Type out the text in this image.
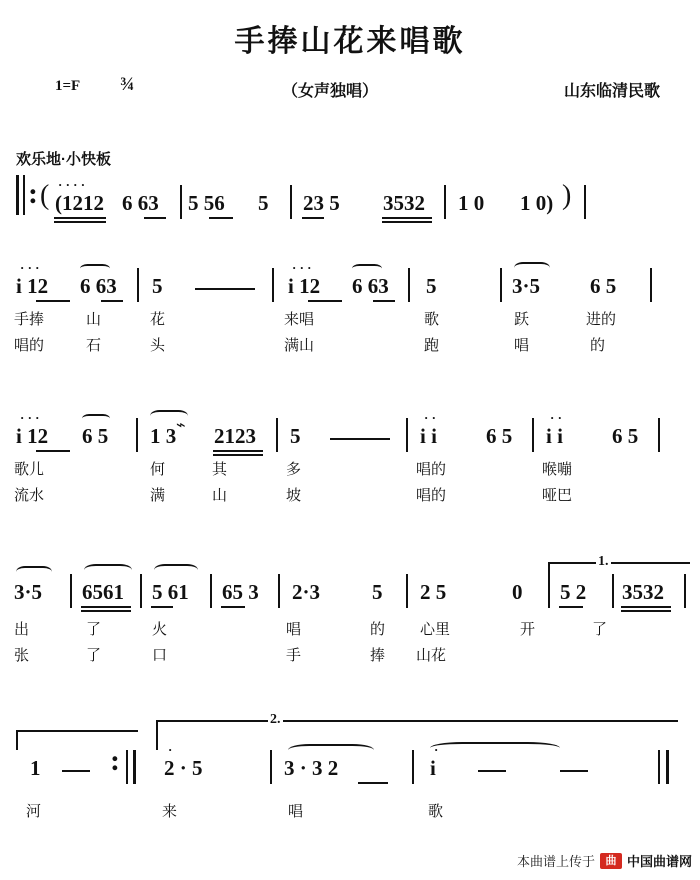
手捧山花来唱歌
1=F ¾	（女声独唱）	山东临清民歌
欢乐地·小快板
: ( · · · ·
(1212 6 63 5 56 5 23 5 3532 1 0 1 0) )
· · ·
i 12 6 63 5
· · ·
i 12 6 63 5	3·5 6 5
手捧	山	花	来唱	歌	跃	进的
唱的	石	头	满山	跑	唱	的
· · ·
i 12 6 5 1 3 ⌁ 2123 5
· ·
i i 6 5
· ·
i i 6 5
歌儿	何	其	多	唱的	喉嘣
流水	满	山	坡	唱的	哑巴
3·5 6561 5 61 65 3 2·3 5 2 5	0
1.
5 2 3532
出	了	火	唱	的 心里	开	了
张	了	口	手	捧 山花
2.
1 :	·
2 · 5	3 · 3 2
·
i
河	来	唱	歌
本曲谱上传于 曲 中国曲谱网
